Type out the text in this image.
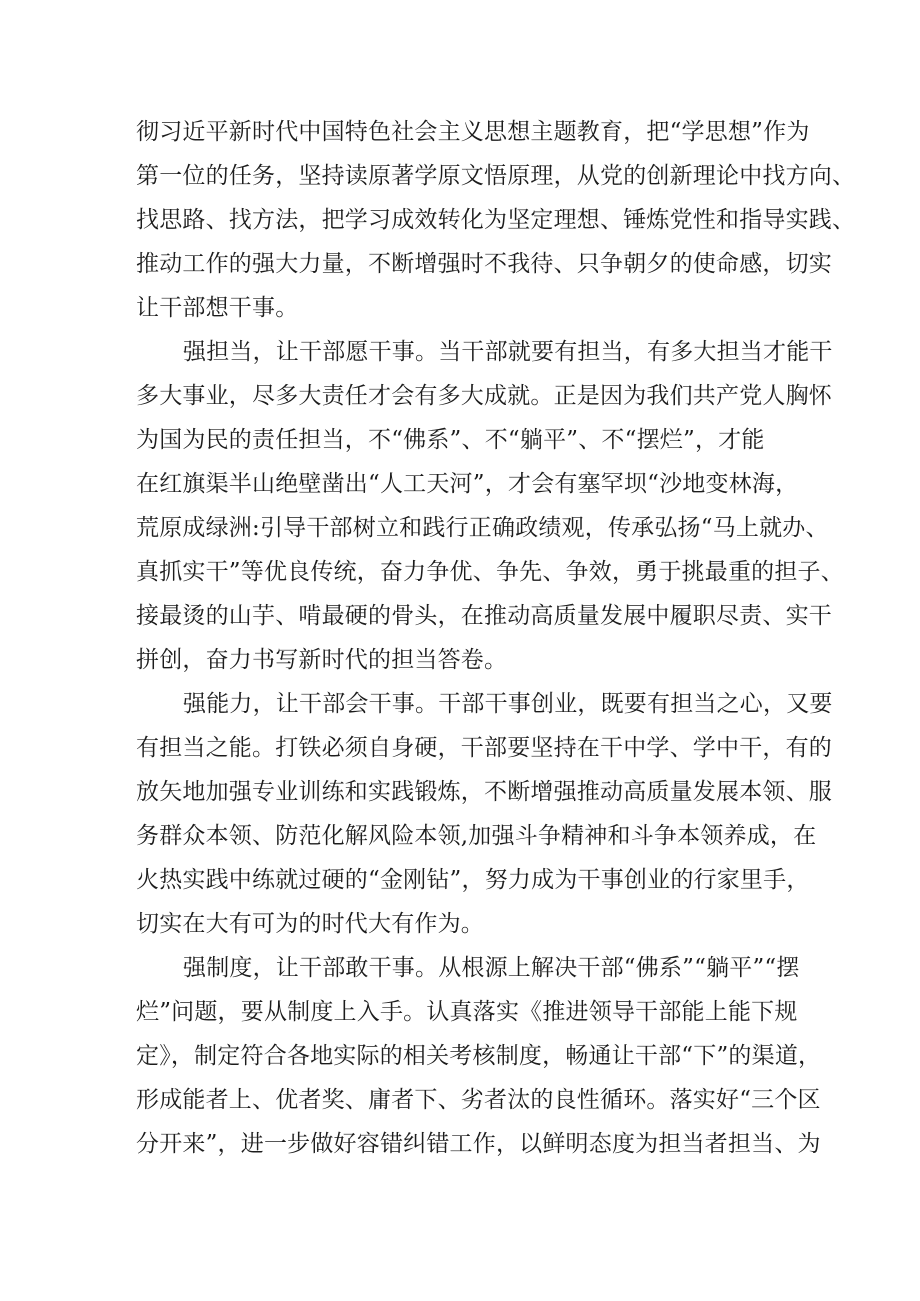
彻习近平新时代中国特色社会主义思想主题教育，把“学思想”作为
第一位的任务，坚持读原著学原文悟原理，从党的创新理论中找方向、
找思路、找方法，把学习成效转化为坚定理想、锤炼党性和指导实践、
推动工作的强大力量，不断增强时不我待、只争朝夕的使命感，切实
让干部想干事。
强担当，让干部愿干事。当干部就要有担当，有多大担当才能干
多大事业，尽多大责任才会有多大成就。正是因为我们共产党人胸怀
为国为民的责任担当，不“佛系”、不“躺平”、不“摆烂”，才能
在红旗渠半山绝壁凿出“人工天河”，才会有塞罕坝“沙地变林海，
荒原成绿洲:引导干部树立和践行正确政绩观，传承弘扬“马上就办、
真抓实干”等优良传统，奋力争优、争先、争效，勇于挑最重的担子、
接最烫的山芋、啃最硬的骨头，在推动高质量发展中履职尽责、实干
拼创，奋力书写新时代的担当答卷。
强能力，让干部会干事。干部干事创业，既要有担当之心，又要
有担当之能。打铁必须自身硬，干部要坚持在干中学、学中干，有的
放矢地加强专业训练和实践锻炼，不断增强推动高质量发展本领、服
务群众本领、防范化解风险本领,加强斗争精神和斗争本领养成，在
火热实践中练就过硬的“金刚钻”，努力成为干事创业的行家里手，
切实在大有可为的时代大有作为。
强制度，让干部敢干事。从根源上解决干部“佛系”“躺平”“摆
烂”问题，要从制度上入手。认真落实《推进领导干部能上能下规
定》，制定符合各地实际的相关考核制度，畅通让干部“下”的渠道，
形成能者上、优者奖、庸者下、劣者汰的良性循环。落实好“三个区
分开来”，进一步做好容错纠错工作，以鲜明态度为担当者担当、为
